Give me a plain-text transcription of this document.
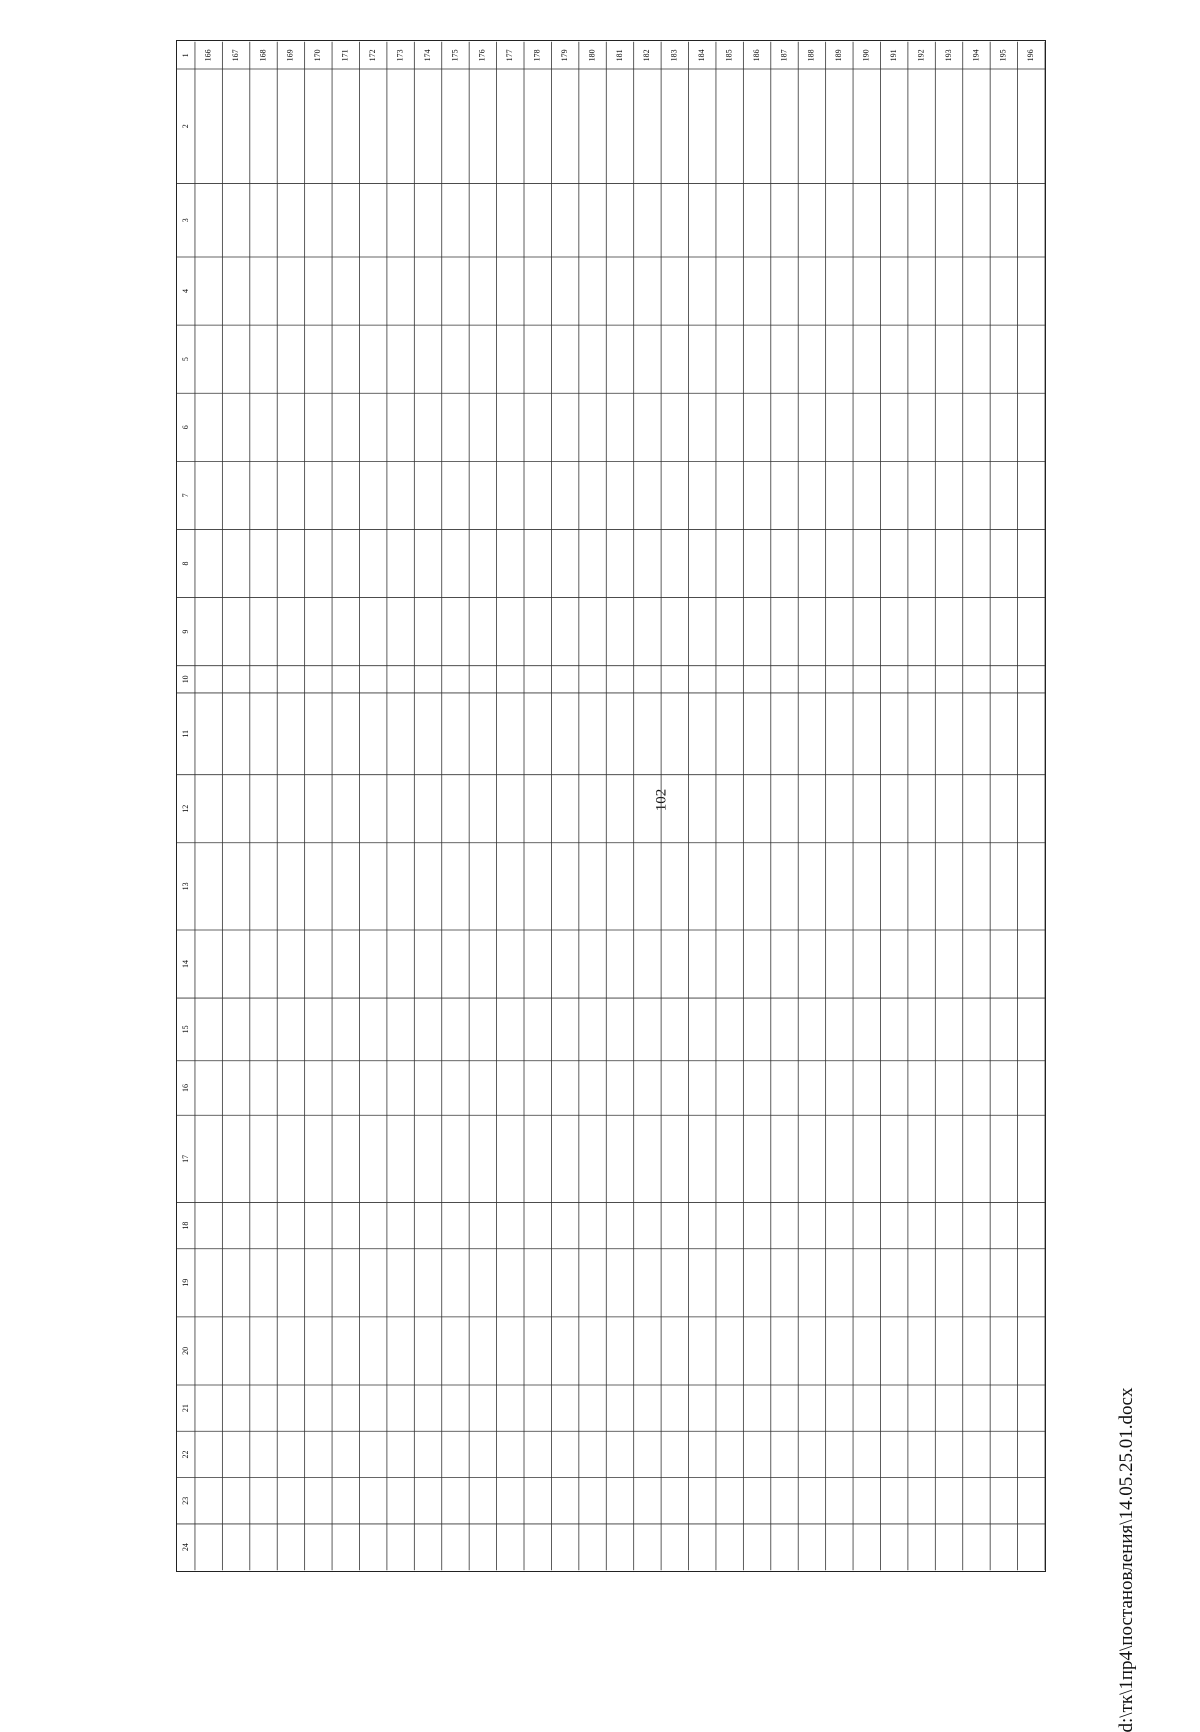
102
1
2
3
4
5
6
7
8
9
10
11
12
13
14
15
16
17
18
19
20
21
22
23
24
166 167 168 169 170 171 172 173 174 175 176 177 178 179 180 181 182 183 184 185 186 187 188 189 190 191 192 193 194 195 196
d:\тк\1пр4\постановления\14.05.25.01.docx
